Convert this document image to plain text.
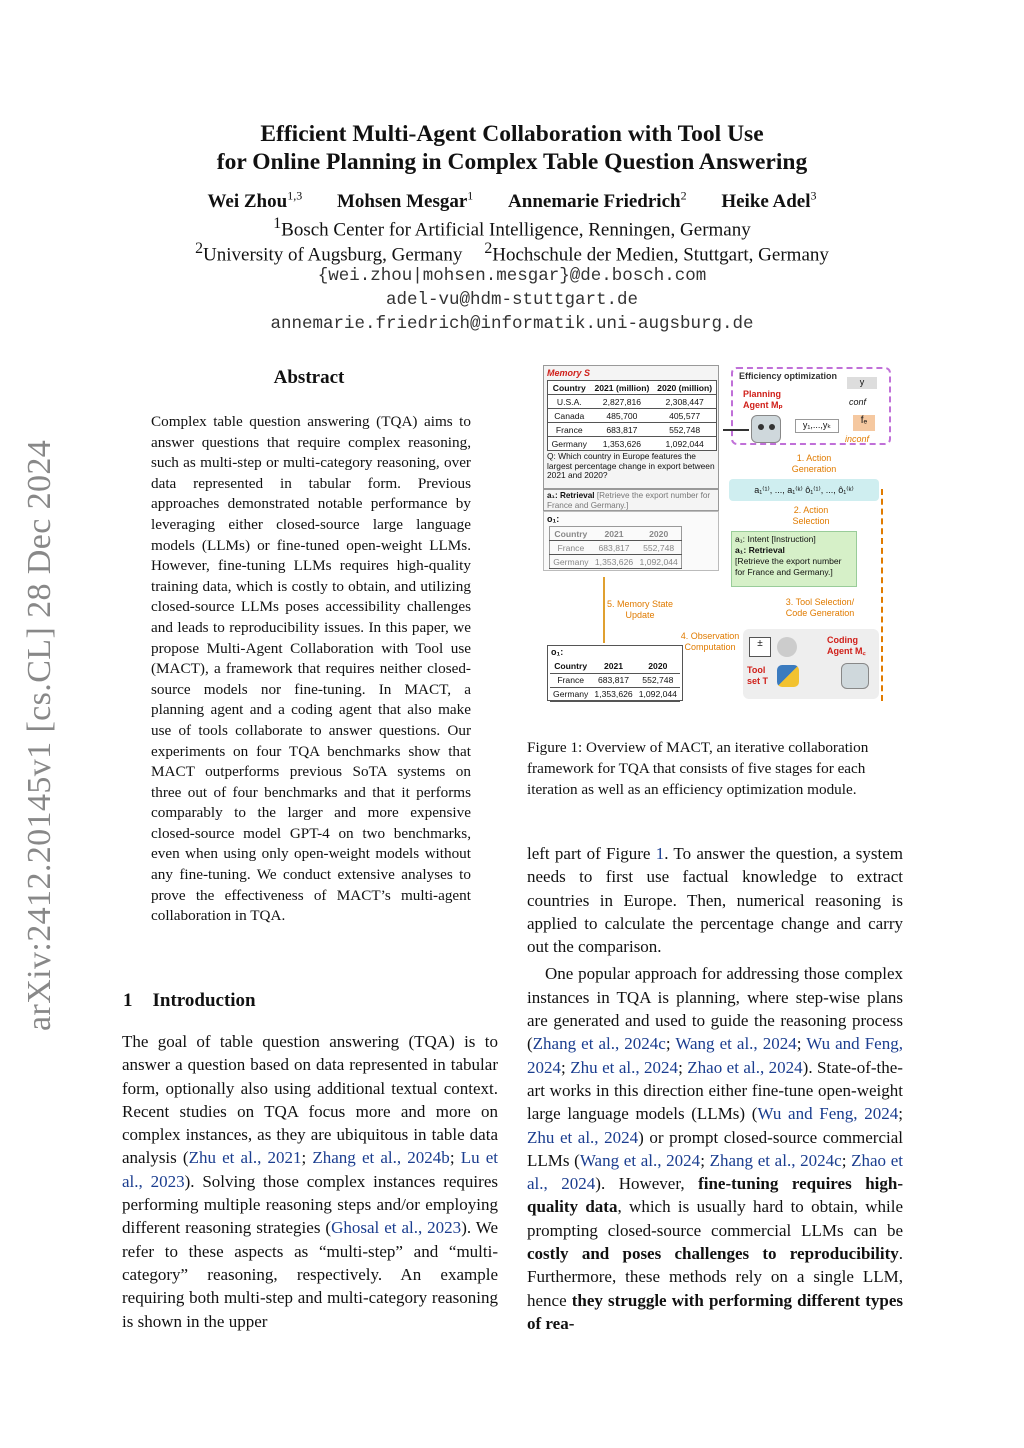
arXiv:2412.20145v1 [cs.CL] 28 Dec 2024
Efficient Multi-Agent Collaboration with Tool Use
for Online Planning in Complex Table Question Answering
Wei Zhou$^{1,3}$ Mohsen Mesgar$^1$ Annemarie Friedrich$^2$ Heike Adel$^3$
$^1$Bosch Center for Artificial Intelligence, Renningen, Germany
$^2$University of Augsburg, Germany $^2$Hochschule der Medien, Stuttgart, Germany
{wei.zhou|mohsen.mesgar}@de.bosch.com
adel-vu@hdm-stuttgart.de
annemarie.friedrich@informatik.uni-augsburg.de
Abstract
Complex table question answering (TQA) aims to answer questions that require complex reasoning, such as multi-step or multi-category reasoning, over data represented in tabular form. Previous approaches demonstrated notable performance by leveraging either closed-source large language models (LLMs) or fine-tuned open-weight LLMs. However, fine-tuning LLMs requires high-quality training data, which is costly to obtain, and utilizing closed-source LLMs poses accessibility challenges and leads to reproducibility issues. In this paper, we propose Multi-Agent Collaboration with Tool use (MACT), a framework that requires neither closed-source models nor fine-tuning. In MACT, a planning agent and a coding agent that also make use of tools collaborate to answer questions. Our experiments on four TQA benchmarks show that MACT outperforms previous SoTA systems on three out of four benchmarks and that it performs comparably to the larger and more expensive closed-source model GPT-4 on two benchmarks, even when using only open-weight models without any fine-tuning. We conduct extensive analyses to prove the effectiveness of MACT’s multi-agent collaboration in TQA.
1 Introduction
The goal of table question answering (TQA) is to answer a question based on data represented in tabular form, optionally also using additional textual context. Recent studies on TQA focus more and more on complex instances, as they are ubiquitous in table data analysis (Zhu et al., 2021; Zhang et al., 2024b; Lu et al., 2023). Solving those complex instances requires performing multiple reasoning steps and/or employing different reasoning strategies (Ghosal et al., 2023). We refer to these aspects as “multi-step” and “multi-category” reasoning, respectively. An example requiring both multi-step and multi-category reasoning is shown in the upper
Memory S
Country	2021 (million)	2020 (million)
U.S.A.	2,827,816	2,308,447
Canada	485,700	405,577
France	683,817	552,748
Germany	1,353,626	1,092,044
Q: Which country in Europe features the largest percentage change in export between 2021 and 2020?
a₁: Retrieval [Retrieve the export number for France and Germany.]
o₁:
Country	2021	2020
France	683,817	552,748
Germany	1,353,626	1,092,044
Efficiency optimization
Planning Agent Mₚ
y
conf
fₑ
inconf
y₁,...,yₖ
1. Action Generation
a₁⁽¹⁾, ..., a₁⁽ᵏ⁾ ô₁⁽¹⁾, ..., ô₁⁽ᵏ⁾
2. Action Selection
a₁: Intent [Instruction]
a₁: Retrieval
[Retrieve the export number for France and Germany.]
3. Tool Selection/ Code Generation
5. Memory State Update
4. Observation Computation
Coding Agent M꜀
Tool set T
±
o₁:
Country	2021	2020
France	683,817	552,748
Germany	1,353,626	1,092,044
Figure 1: Overview of MACT, an iterative collaboration framework for TQA that consists of five stages for each iteration as well as an efficiency optimization module.

left part of Figure 1. To answer the question, a system needs to first use factual knowledge to extract countries in Europe. Then, numerical reasoning is applied to calculate the percentage change and carry out the comparison.

One popular approach for addressing those complex instances in TQA is planning, where step-wise plans are generated and used to guide the reasoning process (Zhang et al., 2024c; Wang et al., 2024; Wu and Feng, 2024; Zhu et al., 2024; Zhao et al., 2024). State-of-the-art works in this direction either fine-tune open-weight large language models (LLMs) (Wu and Feng, 2024; Zhu et al., 2024) or prompt closed-source commercial LLMs (Wang et al., 2024; Zhang et al., 2024c; Zhao et al., 2024). However, fine-tuning requires high-quality data, which is usually hard to obtain, while prompting closed-source commercial LLMs can be costly and poses challenges to reproducibility. Furthermore, these methods rely on a single LLM, hence they struggle with performing different types of rea-
